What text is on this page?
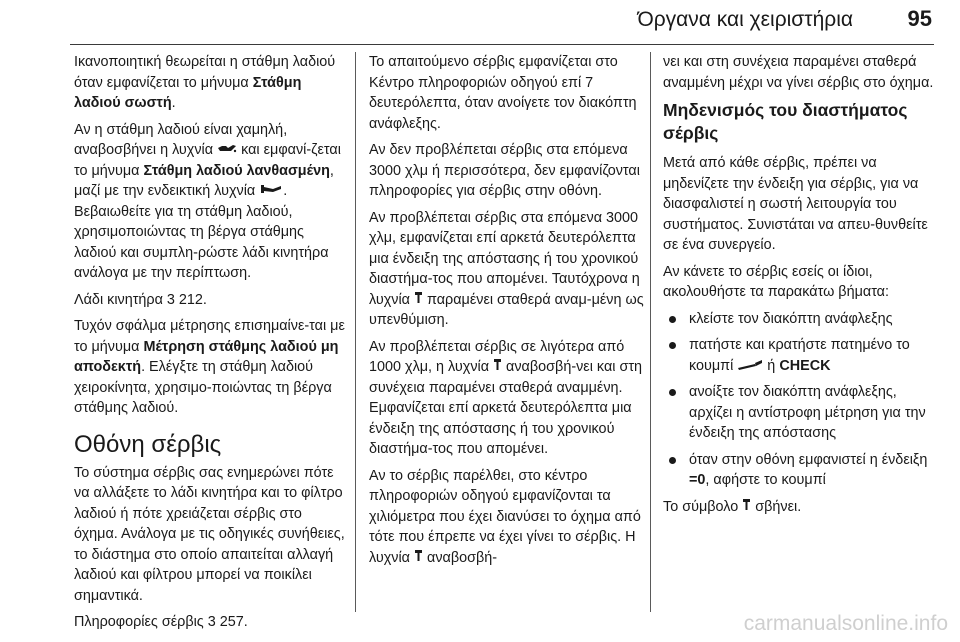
Όργανα και χειριστήρια 95

Ικανοποιητική θεωρείται η στάθμη λαδιού όταν εμφανίζεται το μήνυμα Στάθμη λαδιού σωστή.

Αν η στάθμη λαδιού είναι χαμηλή, αναβοσβήνει η λυχνία  και εμφανί-ζεται το μήνυμα Στάθμη λαδιού λανθασμένη, μαζί με την ενδεικτική λυχνία . Βεβαιωθείτε για τη στάθμη λαδιού, χρησιμοποιώντας τη βέργα στάθμης λαδιού και συμπλη-ρώστε λάδι κινητήρα ανάλογα με την περίπτωση.

Λάδι κινητήρα 3 212.

Τυχόν σφάλμα μέτρησης επισημαίνε-ται με το μήνυμα Μέτρηση στάθμης λαδιού μη αποδεκτή. Ελέγξτε τη στάθμη λαδιού χειροκίνητα, χρησιμο-ποιώντας τη βέργα στάθμης λαδιού.

Οθόνη σέρβις

Το σύστημα σέρβις σας ενημερώνει πότε να αλλάξετε το λάδι κινητήρα και το φίλτρο λαδιού ή πότε χρειάζεται σέρβις στο όχημα. Ανάλογα με τις οδηγικές συνήθειες, το διάστημα στο οποίο απαιτείται αλλαγή λαδιού και φίλτρου μπορεί να ποικίλει σημαντικά.

Πληροφορίες σέρβις 3 257.

Το απαιτούμενο σέρβις εμφανίζεται στο Κέντρο πληροφοριών οδηγού επί 7 δευτερόλεπτα, όταν ανοίγετε τον διακόπτη ανάφλεξης.

Αν δεν προβλέπεται σέρβις στα επόμενα 3000 χλμ ή περισσότερα, δεν εμφανίζονται πληροφορίες για σέρβις στην οθόνη.

Αν προβλέπεται σέρβις στα επόμενα 3000 χλμ, εμφανίζεται επί αρκετά δευτερόλεπτα μια ένδειξη της απόστασης ή του χρονικού διαστήμα-τος που απομένει. Ταυτόχρονα η λυχνία  παραμένει σταθερά αναμ-μένη ως υπενθύμιση.

Αν προβλέπεται σέρβις σε λιγότερα από 1000 χλμ, η λυχνία  αναβοσβή-νει και στη συνέχεια παραμένει σταθερά αναμμένη. Εμφανίζεται επί αρκετά δευτερόλεπτα μια ένδειξη της απόστασης ή του χρονικού διαστήμα-τος που απομένει.

Αν το σέρβις παρέλθει, στο κέντρο πληροφοριών οδηγού εμφανίζονται τα χιλιόμετρα που έχει διανύσει το όχημα από τότε που έπρεπε να έχει γίνει το σέρβις. Η λυχνία  αναβοσβή-

νει και στη συνέχεια παραμένει σταθερά αναμμένη μέχρι να γίνει σέρβις στο όχημα.

Μηδενισμός του διαστήματος σέρβις

Μετά από κάθε σέρβις, πρέπει να μηδενίζετε την ένδειξη για σέρβις, για να διασφαλιστεί η σωστή λειτουργία του συστήματος. Συνιστάται να απευ-θυνθείτε σε ένα συνεργείο.

Αν κάνετε το σέρβις εσείς οι ίδιοι, ακολουθήστε τα παρακάτω βήματα:

κλείστε τον διακόπτη ανάφλεξης
πατήστε και κρατήστε πατημένο το κουμπί  ή CHECK
ανοίξτε τον διακόπτη ανάφλεξης, αρχίζει η αντίστροφη μέτρηση για την ένδειξη της απόστασης
όταν στην οθόνη εμφανιστεί η ένδειξη =0, αφήστε το κουμπί

Το σύμβολο  σβήνει.

carmanualsonline.info
